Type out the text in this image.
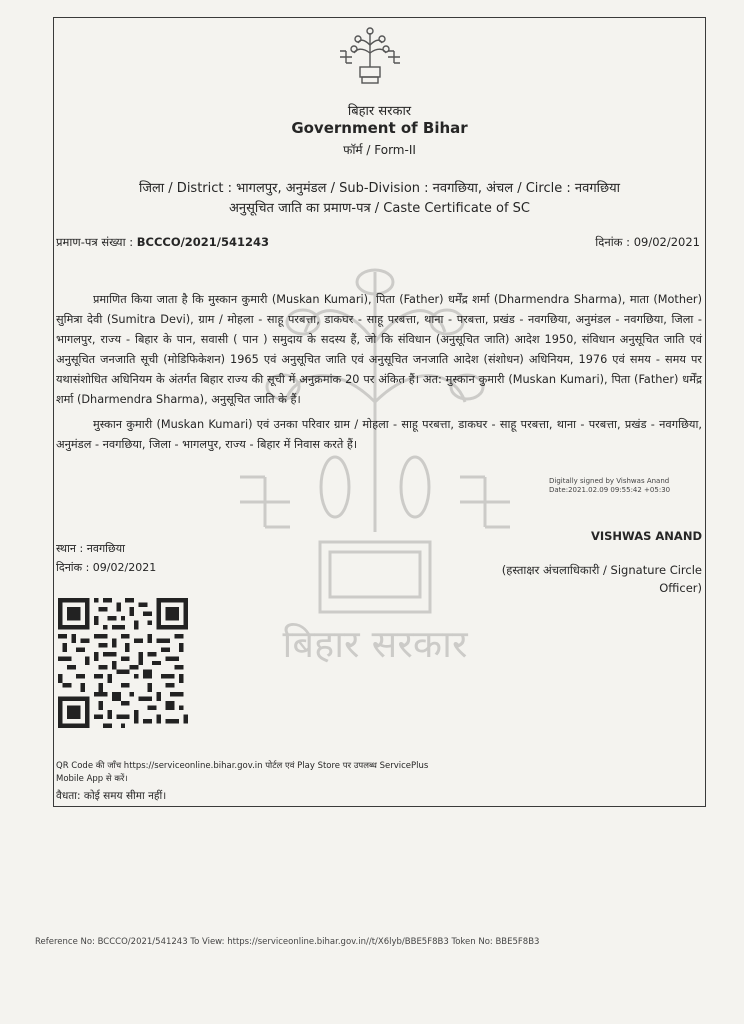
बिहार सरकार
बिहार सरकार
Government of Bihar
फॉर्म / Form-II
जिला / District : भागलपुर, अनुमंडल / Sub-Division : नवगछिया, अंचल / Circle : नवगछिया
अनुसूचित जाति का प्रमाण-पत्र / Caste Certificate of SC
प्रमाण-पत्र संख्या : BCCCO/2021/541243	दिनांक : 09/02/2021
प्रमाणित किया जाता है कि मुस्कान कुमारी (Muskan Kumari), पिता (Father) धर्मेंद्र शर्मा (Dharmendra Sharma), माता (Mother) सुमित्रा देवी (Sumitra Devi), ग्राम / मोहला - साहू परबत्ता, डाकघर - साहू परबत्ता, थाना - परबत्ता, प्रखंड - नवगछिया, अनुमंडल - नवगछिया, जिला - भागलपुर, राज्य - बिहार के पान, सवासी ( पान ) समुदाय के सदस्य हैं, जो कि संविधान (अनुसूचित जाति) आदेश 1950, संविधान अनुसूचित जाति एवं अनुसूचित जनजाति सूची (मोडिफिकेशन) 1965 एवं अनुसूचित जाति एवं अनुसूचित जनजाति आदेश (संशोधन) अधिनियम, 1976 एवं समय - समय पर यथासंशोधित अधिनियम के अंतर्गत बिहार राज्य की सूची में अनुक्रमांक 20 पर अंकित हैं। अत: मुस्कान कुमारी (Muskan Kumari), पिता (Father) धर्मेंद्र शर्मा (Dharmendra Sharma), अनुसूचित जाति के हैं।
मुस्कान कुमारी (Muskan Kumari) एवं उनका परिवार ग्राम / मोहला - साहू परबत्ता, डाकघर - साहू परबत्ता, थाना - परबत्ता, प्रखंड - नवगछिया, अनुमंडल - नवगछिया, जिला - भागलपुर, राज्य - बिहार में निवास करते हैं।
Digitally signed by Vishwas Anand
Date:2021.02.09 09:55:42 +05:30
VISHWAS ANAND
(हस्ताक्षर अंचलाधिकारी / Signature Circle
Officer)
स्थान : नवगछिया
दिनांक : 09/02/2021
QR Code की जाँच https://serviceonline.bihar.gov.in पोर्टल एवं Play Store पर उपलब्ध ServicePlus
Mobile App से करें।
वैधता: कोई समय सीमा नहीं।
Reference No: BCCCO/2021/541243 To View: https://serviceonline.bihar.gov.in//t/X6lyb/BBE5F8B3 Token No: BBE5F8B3
